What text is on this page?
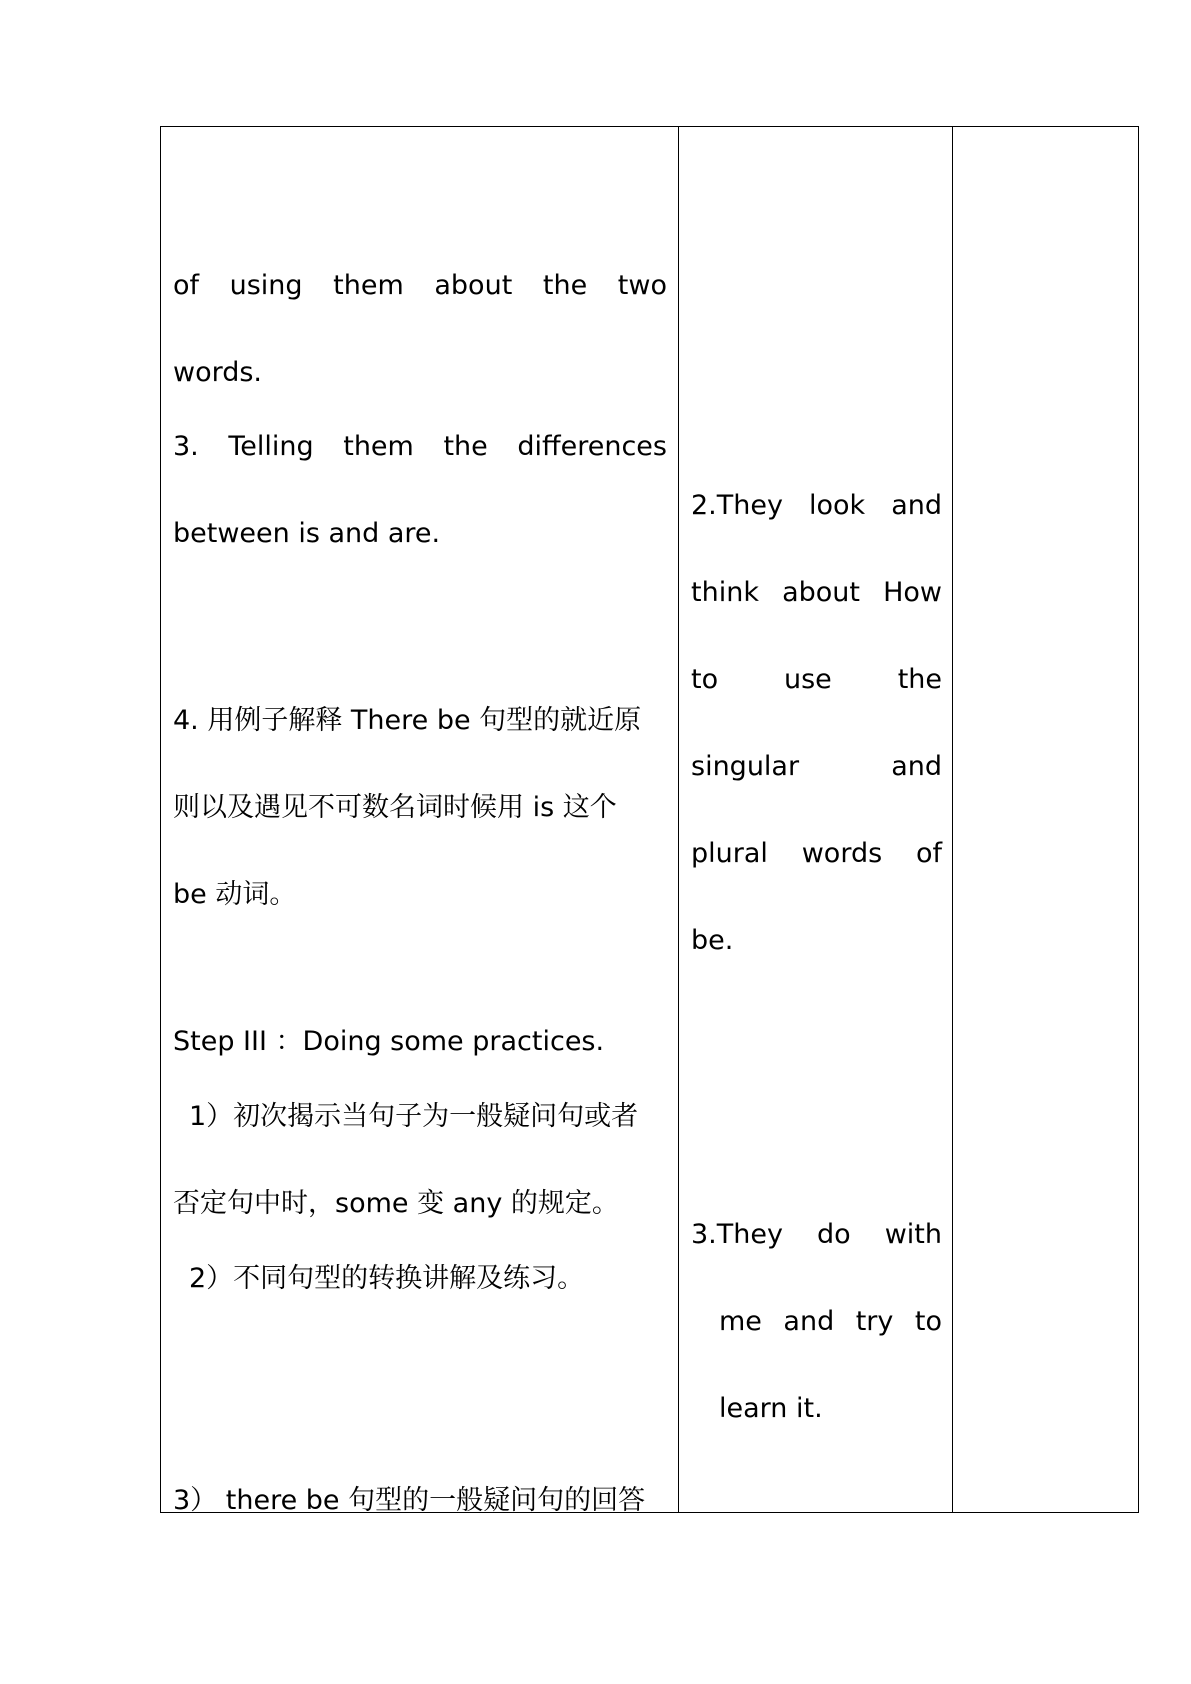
of using them about the two
words.
3. Telling them the differences
between is and are.
4. 用例子解释 There be 句型的就近原
则以及遇见不可数名词时候用 is 这个
be 动词。
Step III ：Doing some practices.
1）初次揭示当句子为一般疑问句或者
否定句中时，some 变 any 的规定。
2）不同句型的转换讲解及练习。
3） there be 句型的一般疑问句的回答
2.They look and
think about How
to use the
singular	and
plural words of
be.
3.They do with
me and try to
learn it.
